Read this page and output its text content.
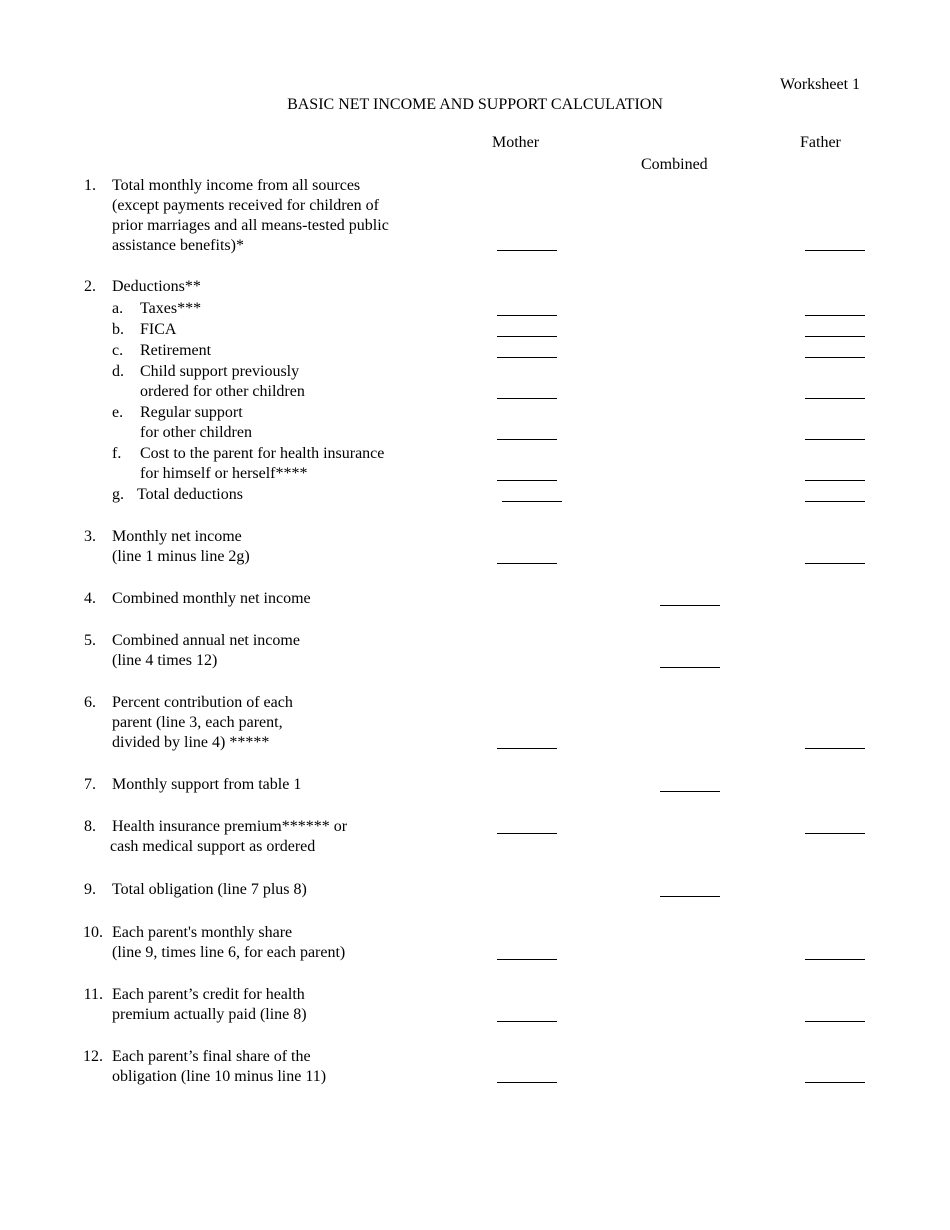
Worksheet 1
BASIC NET INCOME AND SUPPORT CALCULATION
Mother
Combined
Father
1. Total monthly income from all sources
(except payments received for children of
prior marriages and all means-tested public
assistance benefits)*
2. Deductions**
a. Taxes***
b. FICA
c. Retirement
d. Child support previously
ordered for other children
e. Regular support
for other children
f. Cost to the parent for health insurance
for himself or herself****
g. Total deductions
3. Monthly net income
(line 1 minus line 2g)
4. Combined monthly net income
5. Combined annual net income
(line 4 times 12)
6. Percent contribution of each
parent (line 3, each parent,
divided by line 4) *****
7. Monthly support from table 1
8. Health insurance premium****** or
cash medical support as ordered
9. Total obligation (line 7 plus 8)
10. Each parent's monthly share
(line 9, times line 6, for each parent)
11. Each parent’s credit for health
premium actually paid (line 8)
12. Each parent’s final share of the
obligation (line 10 minus line 11)
